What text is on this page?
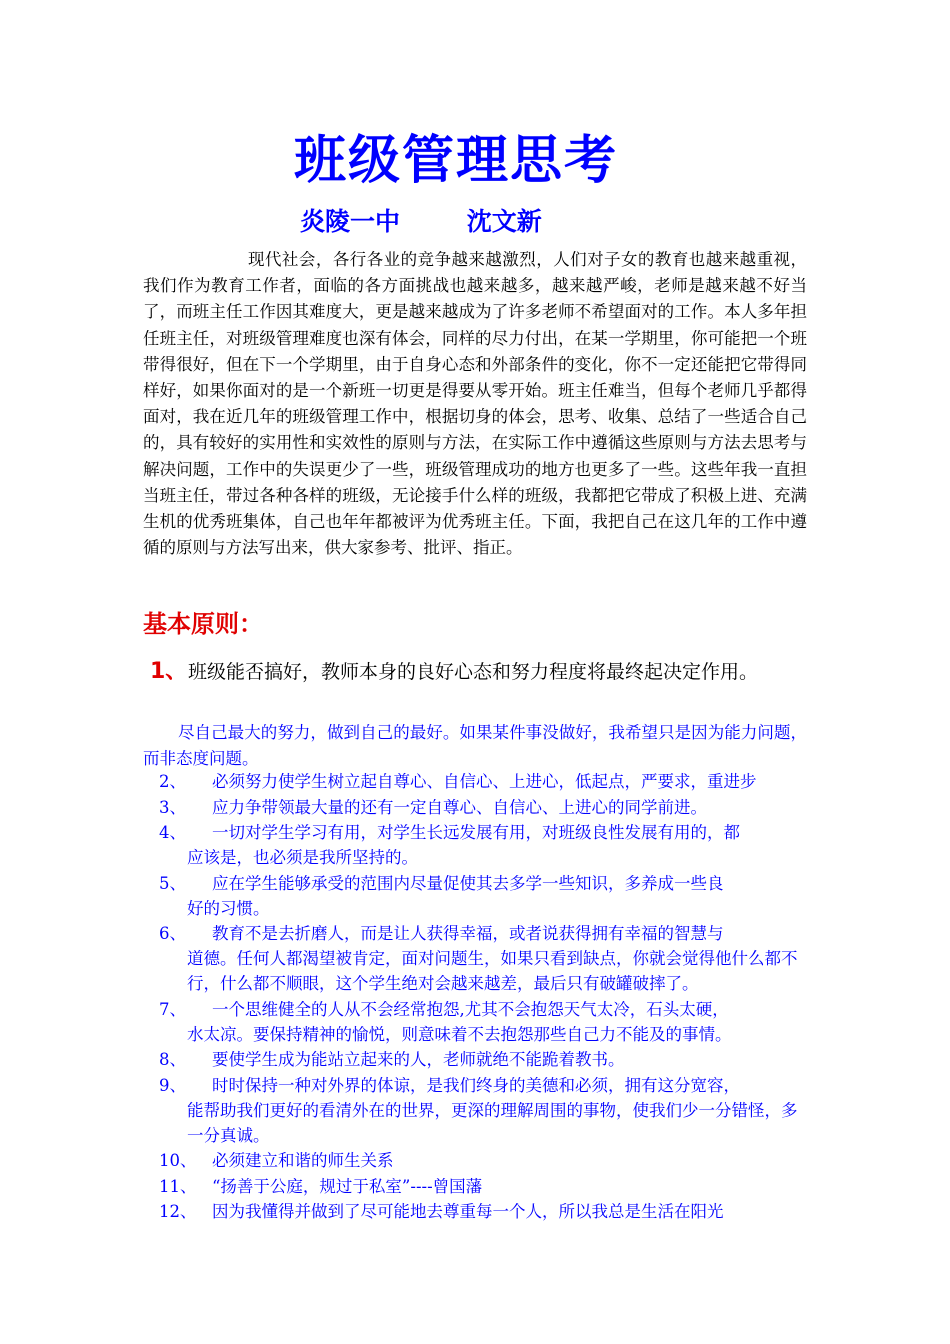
班级管理思考
炎陵一中	沈文新

现代社会，各行各业的竞争越来越激烈，人们对子女的教育也越来越重视，我们作为教育工作者，面临的各方面挑战也越来越多，越来越严峻，老师是越来越不好当了，而班主任工作因其难度大，更是越来越成为了许多老师不希望面对的工作。本人多年担任班主任，对班级管理难度也深有体会，同样的尽力付出，在某一学期里，你可能把一个班带得很好，但在下一个学期里，由于自身心态和外部条件的变化，你不一定还能把它带得同样好，如果你面对的是一个新班一切更是得要从零开始。班主任难当，但每个老师几乎都得面对，我在近几年的班级管理工作中，根据切身的体会，思考、收集、总结了一些适合自己的，具有较好的实用性和实效性的原则与方法，在实际工作中遵循这些原则与方法去思考与解决问题，工作中的失误更少了一些，班级管理成功的地方也更多了一些。这些年我一直担当班主任，带过各种各样的班级，无论接手什么样的班级，我都把它带成了积极上进、充满生机的优秀班集体，自己也年年都被评为优秀班主任。下面，我把自己在这几年的工作中遵循的原则与方法写出来，供大家参考、批评、指正。

基本原则：
1、 班级能否搞好，教师本身的良好心态和努力程度将最终起决定作用。

尽自己最大的努力，做到自己的最好。如果某件事没做好，我希望只是因为能力问题，而非态度问题。

2、	必须努力使学生树立起自尊心、自信心、上进心，低起点，严要求，重进步
3、	应力争带领最大量的还有一定自尊心、自信心、上进心的同学前进。
4、	一切对学生学习有用，对学生长远发展有用，对班级良性发展有用的，都
应该是，也必须是我所坚持的。
5、	应在学生能够承受的范围内尽量促使其去多学一些知识，多养成一些良
好的习惯。
6、	教育不是去折磨人，而是让人获得幸福，或者说获得拥有幸福的智慧与
道德。任何人都渴望被肯定，面对问题生，如果只看到缺点，你就会觉得他什么都不行，什么都不顺眼，这个学生绝对会越来越差，最后只有破罐破摔了。
7、	一个思维健全的人从不会经常抱怨,尤其不会抱怨天气太冷，石头太硬，
水太凉。要保持精神的愉悦，则意味着不去抱怨那些自己力不能及的事情。
8、	要使学生成为能站立起来的人，老师就绝不能跪着教书。
9、	时时保持一种对外界的体谅，是我们终身的美德和必须，拥有这分宽容，
能帮助我们更好的看清外在的世界，更深的理解周围的事物，使我们少一分错怪，多一分真诚。
10、 必须建立和谐的师生关系
11、 “扬善于公庭，规过于私室”----曾国藩
12、 因为我懂得并做到了尽可能地去尊重每一个人，所以我总是生活在阳光
